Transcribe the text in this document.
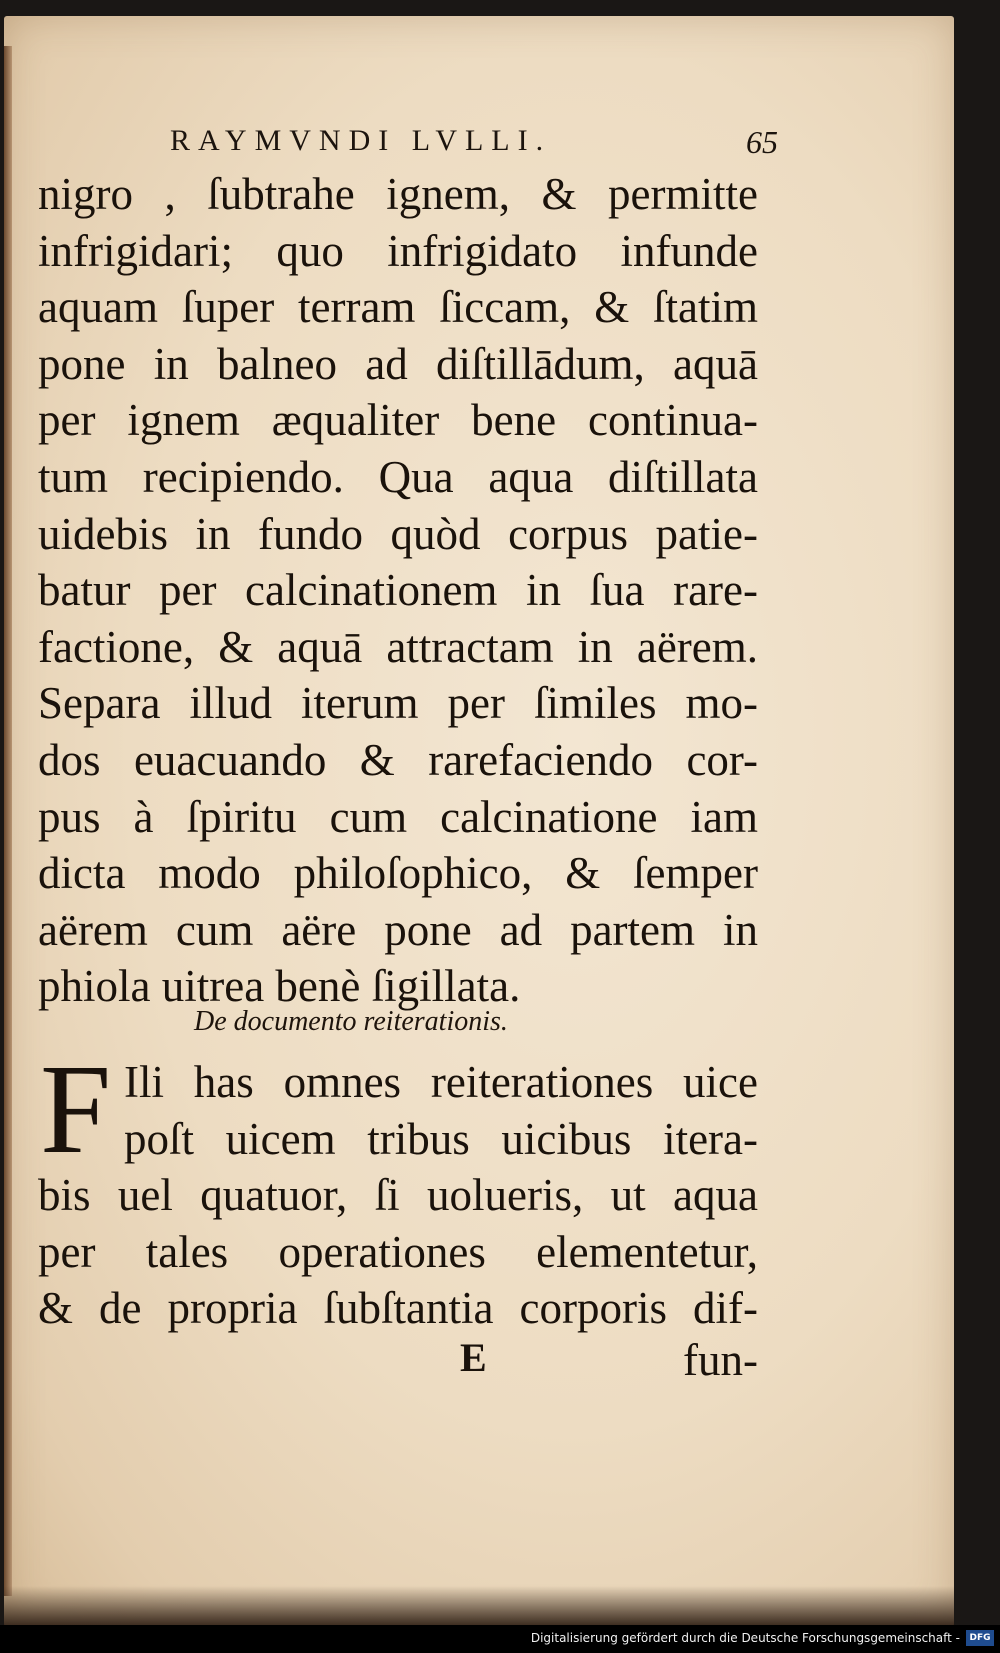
RAYMVNDI LVLLI.	65
nigro , ſubtrahe ignem, & permitte
infrigidari; quo infrigidato infunde
aquam ſuper terram ſiccam, & ſtatim
pone in balneo ad diſtillādum, aquā
per ignem æqualiter bene continua-
tum recipiendo. Qua aqua diſtillata
uidebis in fundo quòd corpus patie-
batur per calcinationem in ſua rare-
factione, & aquā attractam in aërem.
Separa illud iterum per ſimiles mo-
dos euacuando & rarefaciendo cor-
pus à ſpiritu cum calcinatione iam
dicta modo philoſophico, & ſemper
aërem cum aëre pone ad partem in
phiola uitrea benè ſigillata.
De documento reiterationis.
F Ili has omnes reiterationes uice
poſt uicem tribus uicibus itera-
bis uel quatuor, ſi uolueris, ut aqua
per tales operationes elementetur,
& de propria ſubſtantia corporis dif-
E	fun-
Digitalisierung gefördert durch die Deutsche Forschungsgemeinschaft -	DFG
